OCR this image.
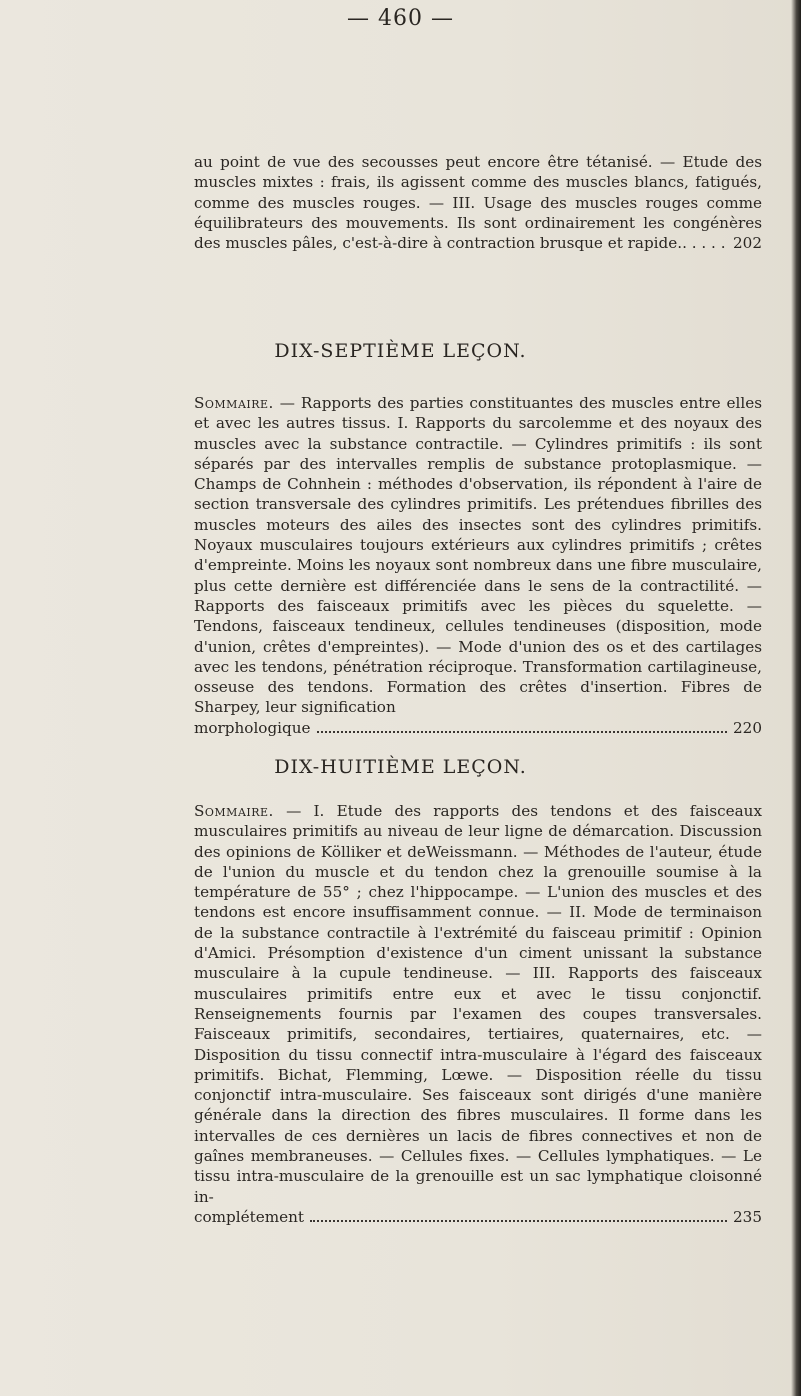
— 460 —
au point de vue des secousses peut encore être tétanisé. — Etude des muscles mixtes : frais, ils agissent comme des muscles blancs, fatigués, comme des muscles rouges. — III. Usage des muscles rouges comme équilibrateurs des mouvements. Ils sont ordinairement les congénères des muscles pâles, c'est-à-dire à contraction brusque et rapide.. . . . . 202
DIX-SEPTIÈME LEÇON.
Sommaire. — Rapports des parties constituantes des muscles entre elles et avec les autres tissus. I. Rapports du sarcolemme et des noyaux des muscles avec la substance contractile. — Cylindres primitifs : ils sont séparés par des intervalles remplis de substance protoplasmique. — Champs de Cohnhein : méthodes d'observation, ils répondent à l'aire de section transversale des cylindres primitifs. Les prétendues fibrilles des muscles moteurs des ailes des insectes sont des cylindres primitifs. Noyaux musculaires toujours extérieurs aux cylindres primitifs ; crêtes d'empreinte. Moins les noyaux sont nombreux dans une fibre musculaire, plus cette dernière est différenciée dans le sens de la contractilité. — Rapports des faisceaux primitifs avec les pièces du squelette. — Tendons, faisceaux tendineux, cellules tendineuses (disposition, mode d'union, crêtes d'empreintes). — Mode d'union des os et des cartilages avec les tendons, pénétration réciproque. Transformation cartilagineuse, osseuse des tendons. Formation des crêtes d'insertion. Fibres de Sharpey, leur signification
morphologique	220
DIX-HUITIÈME LEÇON.
Sommaire. — I. Etude des rapports des tendons et des faisceaux musculaires primitifs au niveau de leur ligne de démarcation. Discussion des opinions de Kölliker et deWeissmann. — Méthodes de l'auteur, étude de l'union du muscle et du tendon chez la grenouille soumise à la température de 55° ; chez l'hippocampe. — L'union des muscles et des tendons est encore insuffisamment connue. — II. Mode de terminaison de la substance contractile à l'extrémité du faisceau primitif : Opinion d'Amici. Présomption d'existence d'un ciment unissant la substance musculaire à la cupule tendineuse. — III. Rapports des faisceaux musculaires primitifs entre eux et avec le tissu conjonctif. Renseignements fournis par l'examen des coupes transversales. Faisceaux primitifs, secondaires, tertiaires, quaternaires, etc. — Disposition du tissu connectif intra-musculaire à l'égard des faisceaux primitifs. Bichat, Flemming, Lœwe. — Disposition réelle du tissu conjonctif intra-musculaire. Ses faisceaux sont dirigés d'une manière générale dans la direction des fibres musculaires. Il forme dans les intervalles de ces dernières un lacis de fibres connectives et non de gaînes membraneuses. — Cellules fixes. — Cellules lymphatiques. — Le tissu intra-musculaire de la grenouille est un sac lymphatique cloisonné in-
complétement	235
